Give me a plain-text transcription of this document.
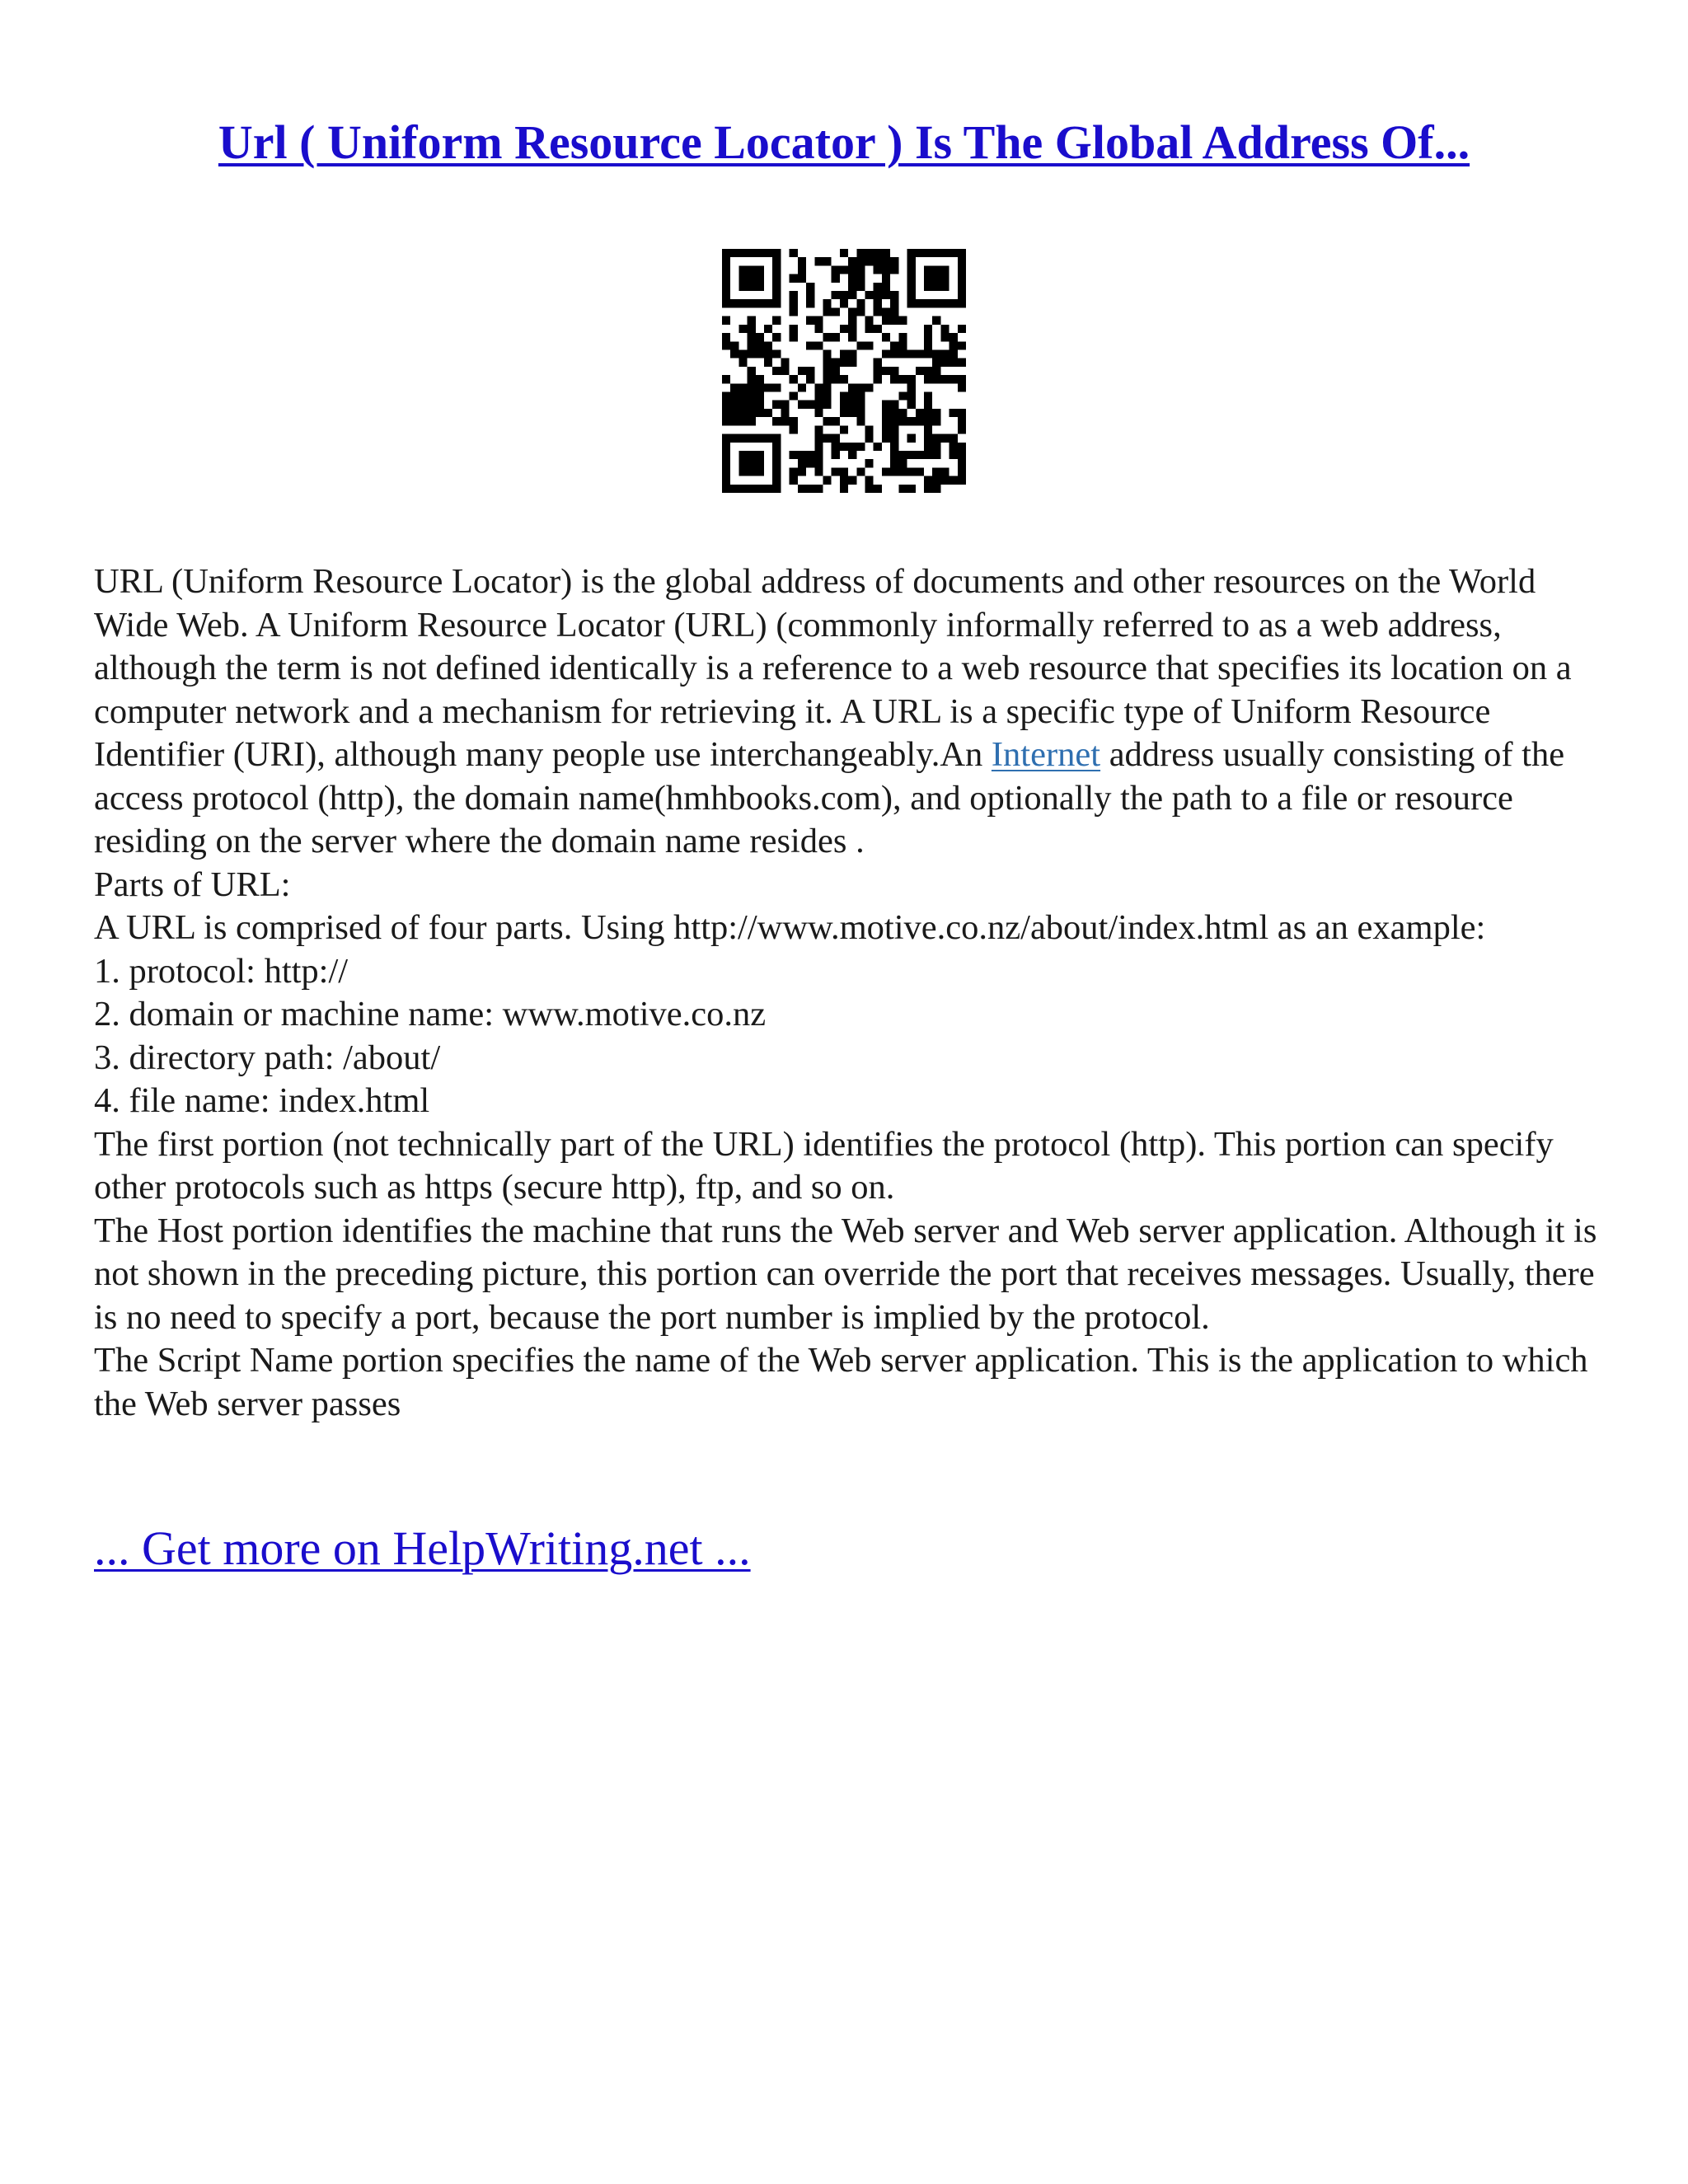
Url ( Uniform Resource Locator ) Is The Global Address Of...

URL (Uniform Resource Locator) is the global address of documents and other resources on the World Wide Web. A Uniform Resource Locator (URL) (commonly informally referred to as a web address, although the term is not defined identically is a reference to a web resource that specifies its location on a computer network and a mechanism for retrieving it. A URL is a specific type of Uniform Resource Identifier (URI), although many people use interchangeably.An Internet address usually consisting of the access protocol (http), the domain name(hmhbooks.com), and optionally the path to a file or resource residing on the server where the domain name resides .

Parts of URL:

A URL is comprised of four parts. Using http://www.motive.co.nz/about/index.html as an example:

1. protocol: http://

2. domain or machine name: www.motive.co.nz

3. directory path: /about/

4. file name: index.html

The first portion (not technically part of the URL) identifies the protocol (http). This portion can specify other protocols such as https (secure http), ftp, and so on.

The Host portion identifies the machine that runs the Web server and Web server application. Although it is not shown in the preceding picture, this portion can override the port that receives messages. Usually, there is no need to specify a port, because the port number is implied by the protocol.

The Script Name portion specifies the name of the Web server application. This is the application to which the Web server passes

... Get more on HelpWriting.net ...
